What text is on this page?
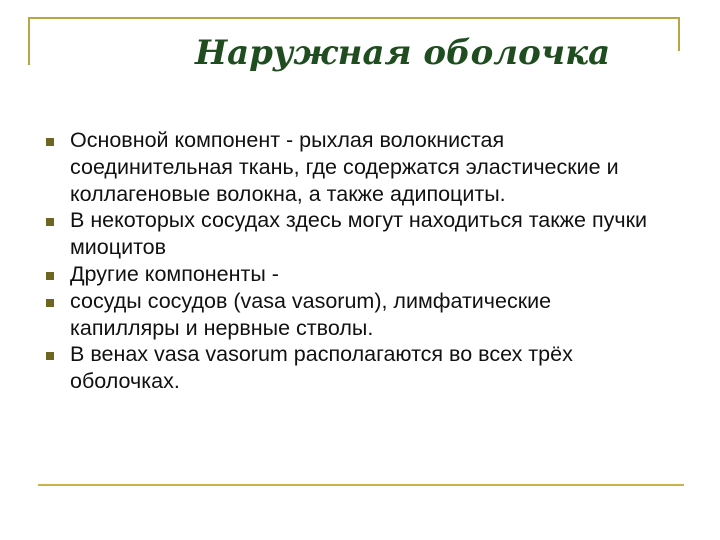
Наружная оболочка
Основной компонент - рыхлая волокнистая соединительная ткань, где содержатся эластические и коллагеновые волокна, а также адипоциты.
В некоторых сосудах здесь могут находиться также пучки миоцитов
Другие компоненты -
сосуды сосудов (vasa vasorum), лимфатические капилляры и нервные стволы.
В венах vasa vasorum располагаются во всех трёх оболочках.
